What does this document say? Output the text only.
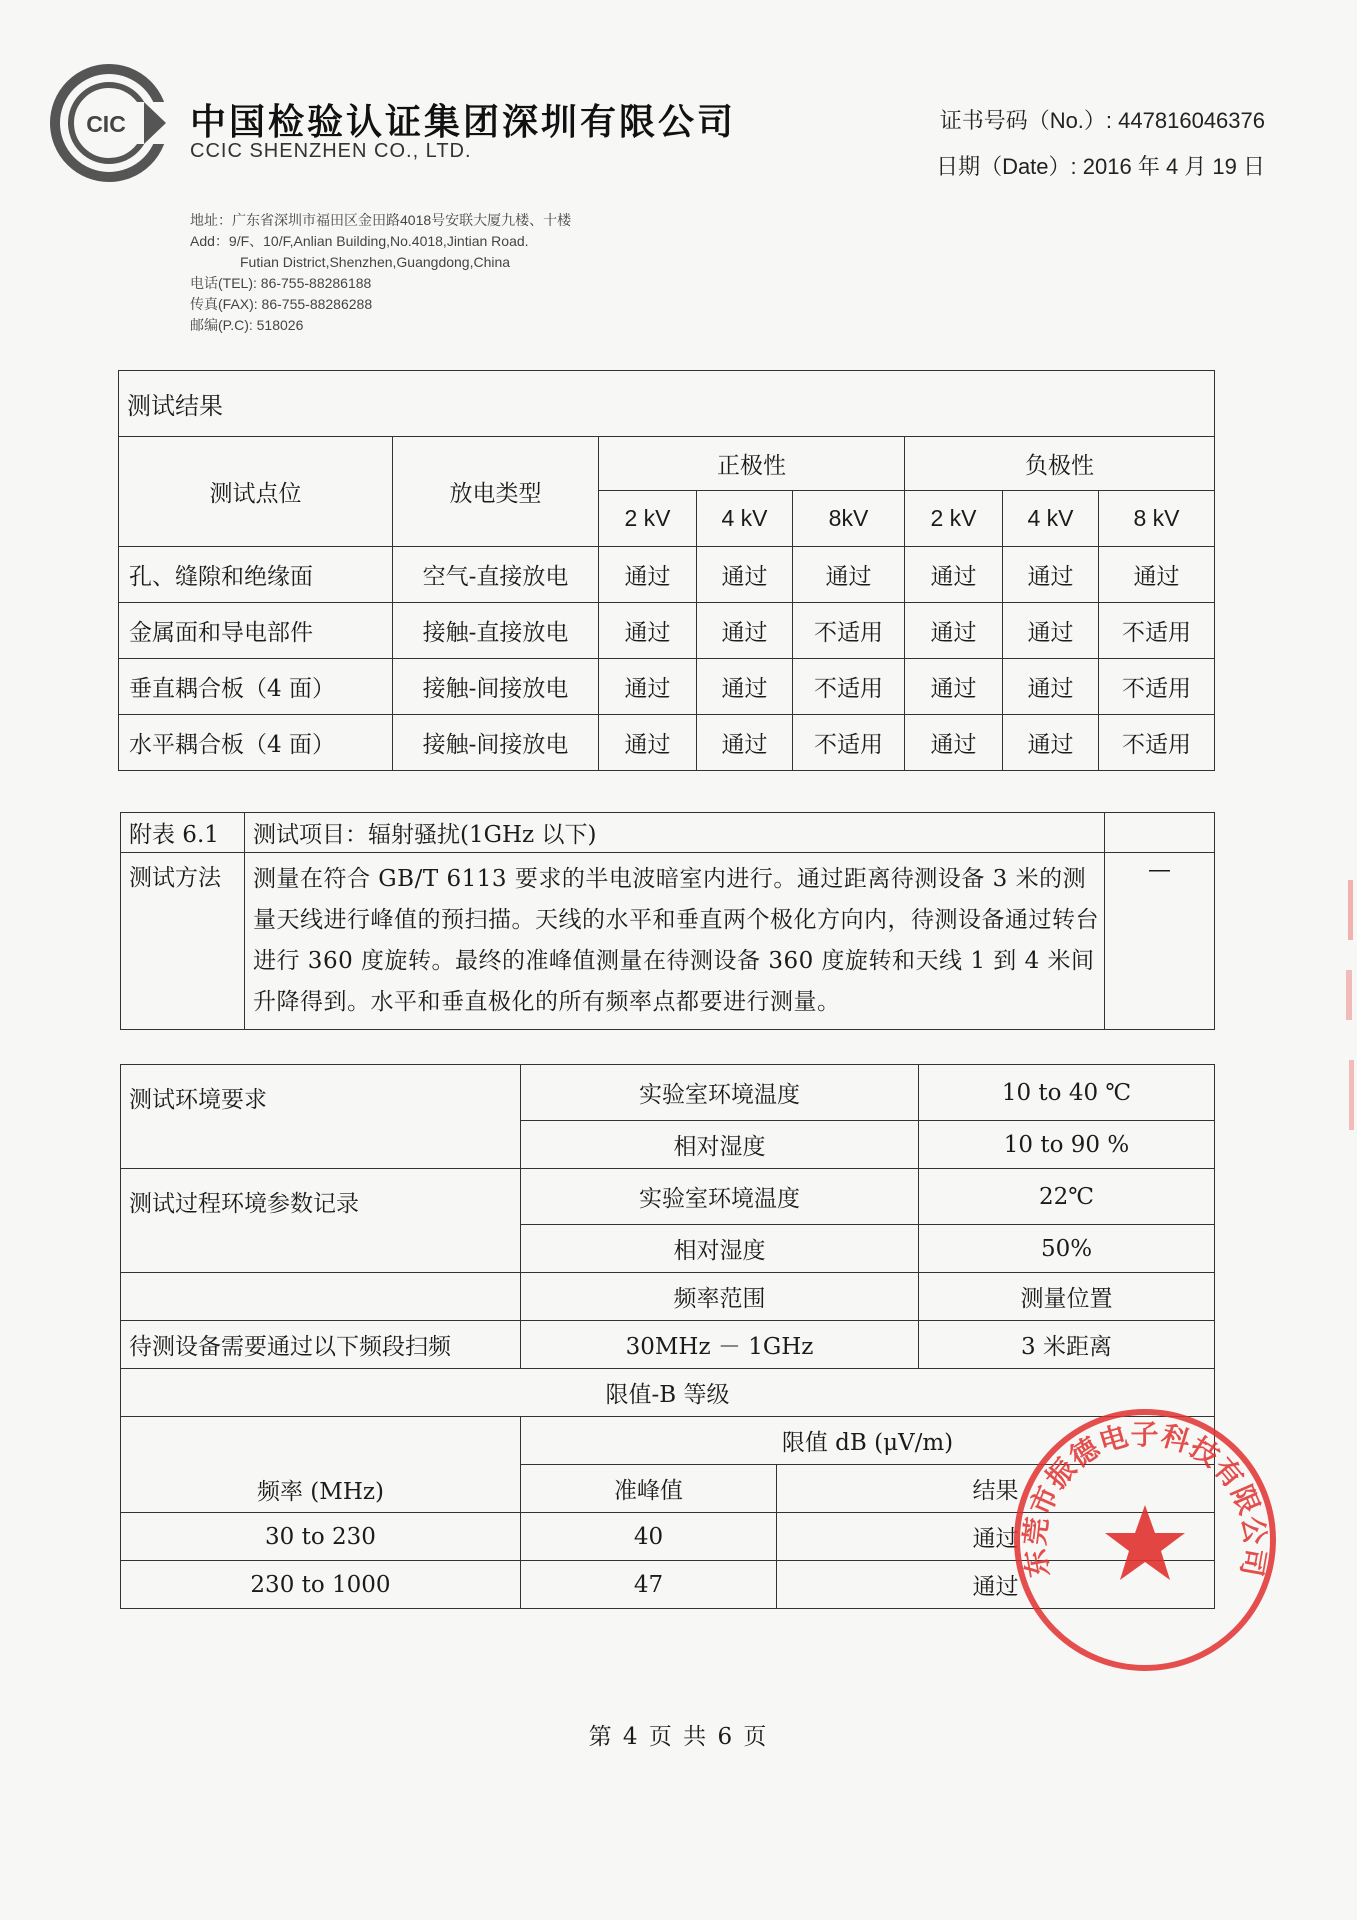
CIC 中国检验认证集团深圳有限公司
CCIC SHENZHEN CO., LTD.
证书号码（No.）: 447816046376
日期（Date）: 2016 年 4 月 19 日
地址：广东省深圳市福田区金田路4018号安联大厦九楼、十楼
Add：9/F、10/F,Anlian Building,No.4018,Jintian Road.
Futian District,Shenzhen,Guangdong,China
电话(TEL): 86-755-88286188
传真(FAX): 86-755-88286288
邮编(P.C): 518026
测试结果							
测试点位	放电类型	正极性			负极性		
		2 kV	4 kV	8kV	2 kV	4 kV	8 kV
孔、缝隙和绝缘面	空气-直接放电	通过	通过	通过	通过	通过	通过
金属面和导电部件	接触-直接放电	通过	通过	不适用	通过	通过	不适用
垂直耦合板（4 面）	接触-间接放电	通过	通过	不适用	通过	通过	不适用
水平耦合板（4 面）	接触-间接放电	通过	通过	不适用	通过	通过	不适用
附表 6.1	测试项目：辐射骚扰(1GHz 以下)	
测试方法	测量在符合 GB/T 6113 要求的半电波暗室内进行。通过距离待测设备 3 米的测量天线进行峰值的预扫描。天线的水平和垂直两个极化方向内，待测设备通过转台进行 360 度旋转。最终的准峰值测量在待测设备 360 度旋转和天线 1 到 4 米间升降得到。水平和垂直极化的所有频率点都要进行测量。	—
测试环境要求	实验室环境温度		10 to 40 ℃
	相对湿度		10 to 90 %
测试过程环境参数记录	实验室环境温度		22℃
	相对湿度		50%
	频率范围		测量位置
待测设备需要通过以下频段扫频	30MHz － 1GHz		3 米距离
限值-B 等级			
频率 (MHz)	限值 dB (μV/m)		
	准峰值	结果	
30 to 230	40	通过	
230 to 1000	47	通过	
东莞市振德电子科技有限公司
第 4 页 共 6 页
